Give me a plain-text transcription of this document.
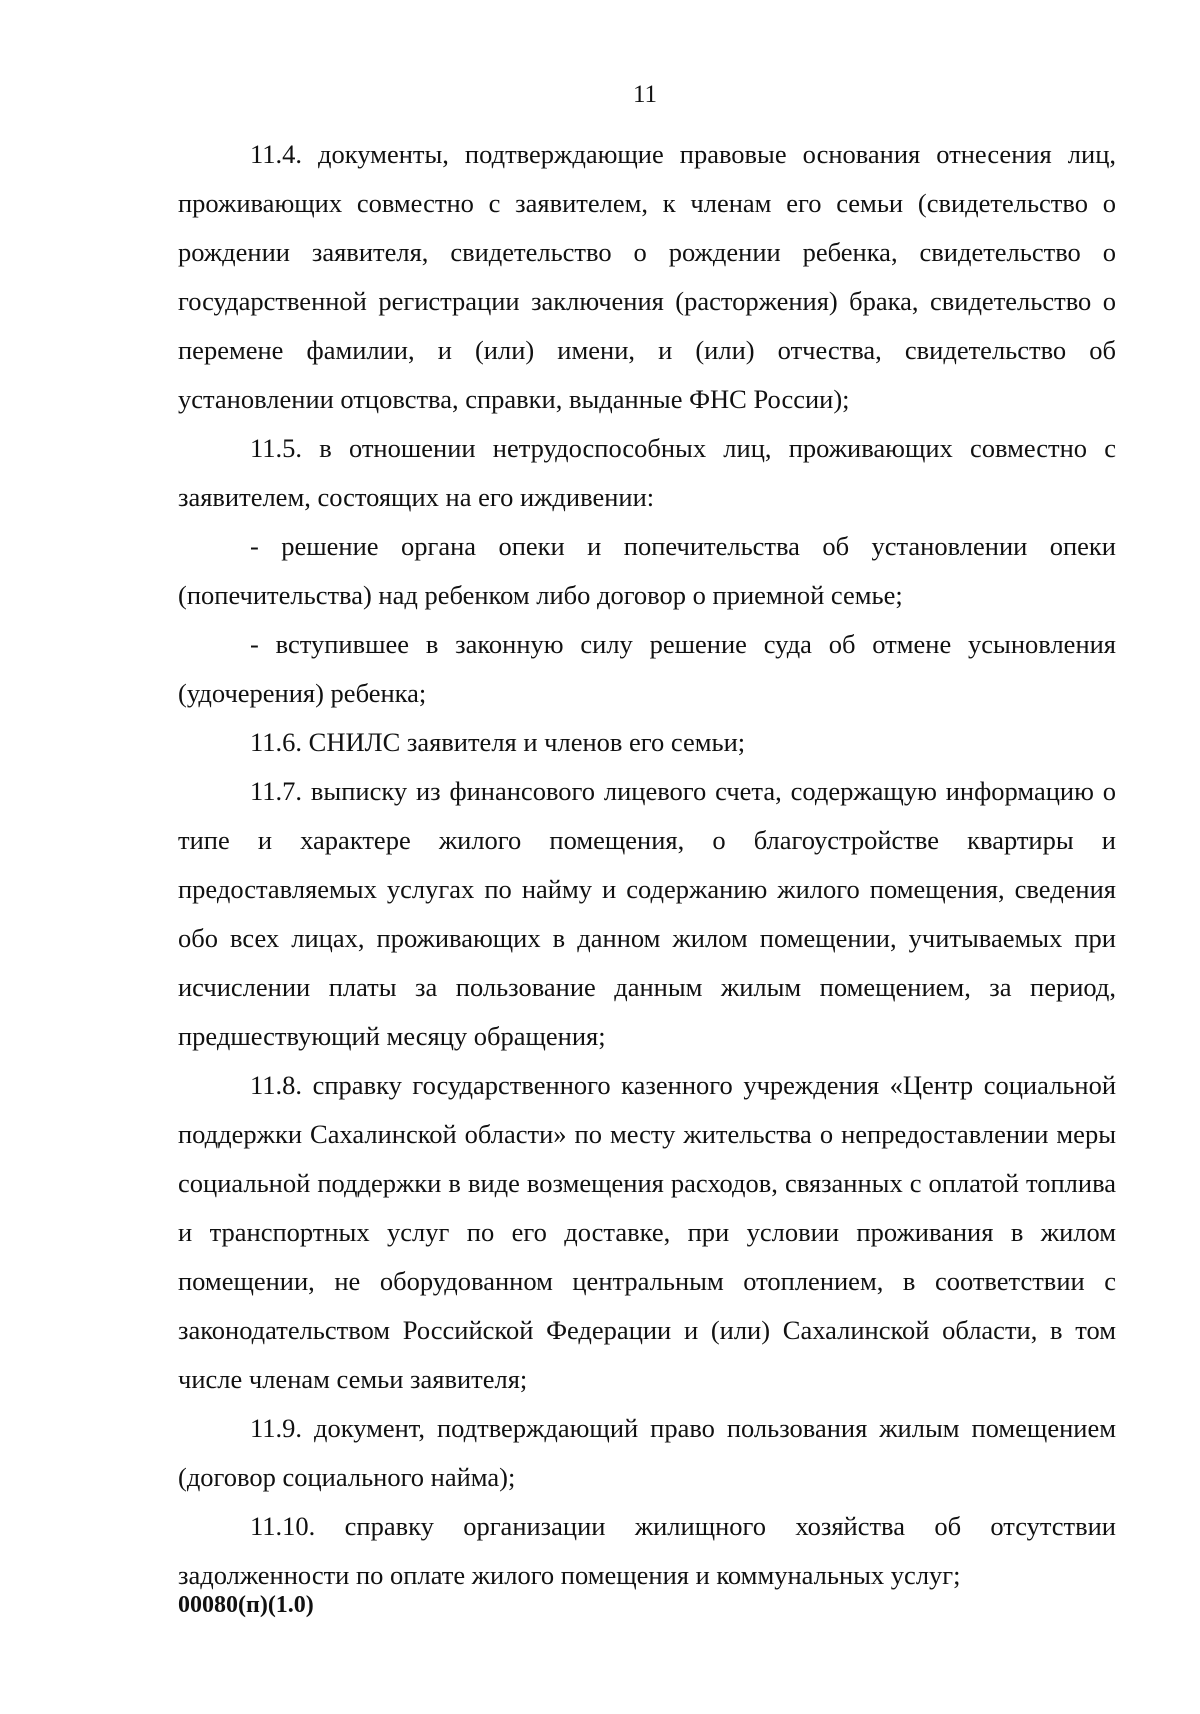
11

11.4. документы, подтверждающие правовые основания отнесения лиц, проживающих совместно с заявителем, к членам его семьи (свидетельство о рождении заявителя, свидетельство о рождении ребенка, свидетельство о государственной регистрации заключения (расторжения) брака, свидетельство о перемене фамилии, и (или) имени, и (или) отчества, свидетельство об установлении отцовства, справки, выданные ФНС России);

11.5. в отношении нетрудоспособных лиц, проживающих совместно с заявителем, состоящих на его иждивении:

- решение органа опеки и попечительства об установлении опеки (попечительства) над ребенком либо договор о приемной семье;

- вступившее в законную силу решение суда об отмене усыновления (удочерения) ребенка;

11.6. СНИЛС заявителя и членов его семьи;

11.7. выписку из финансового лицевого счета, содержащую информацию о типе и характере жилого помещения, о благоустройстве квартиры и предоставляемых услугах по найму и содержанию жилого помещения, сведения обо всех лицах, проживающих в данном жилом помещении, учитываемых при исчислении платы за пользование данным жилым помещением, за период, предшествующий месяцу обращения;

11.8. справку государственного казенного учреждения «Центр социальной поддержки Сахалинской области» по месту жительства о непредоставлении меры социальной поддержки в виде возмещения расходов, связанных с оплатой топлива и транспортных услуг по его доставке, при условии проживания в жилом помещении, не оборудованном центральным отоплением, в соответствии с законодательством Российской Федерации и (или) Сахалинской области, в том числе членам семьи заявителя;

11.9. документ, подтверждающий право пользования жилым помещением (договор социального найма);

11.10. справку организации жилищного хозяйства об отсутствии задолженности по оплате жилого помещения и коммунальных услуг;

00080(п)(1.0)
